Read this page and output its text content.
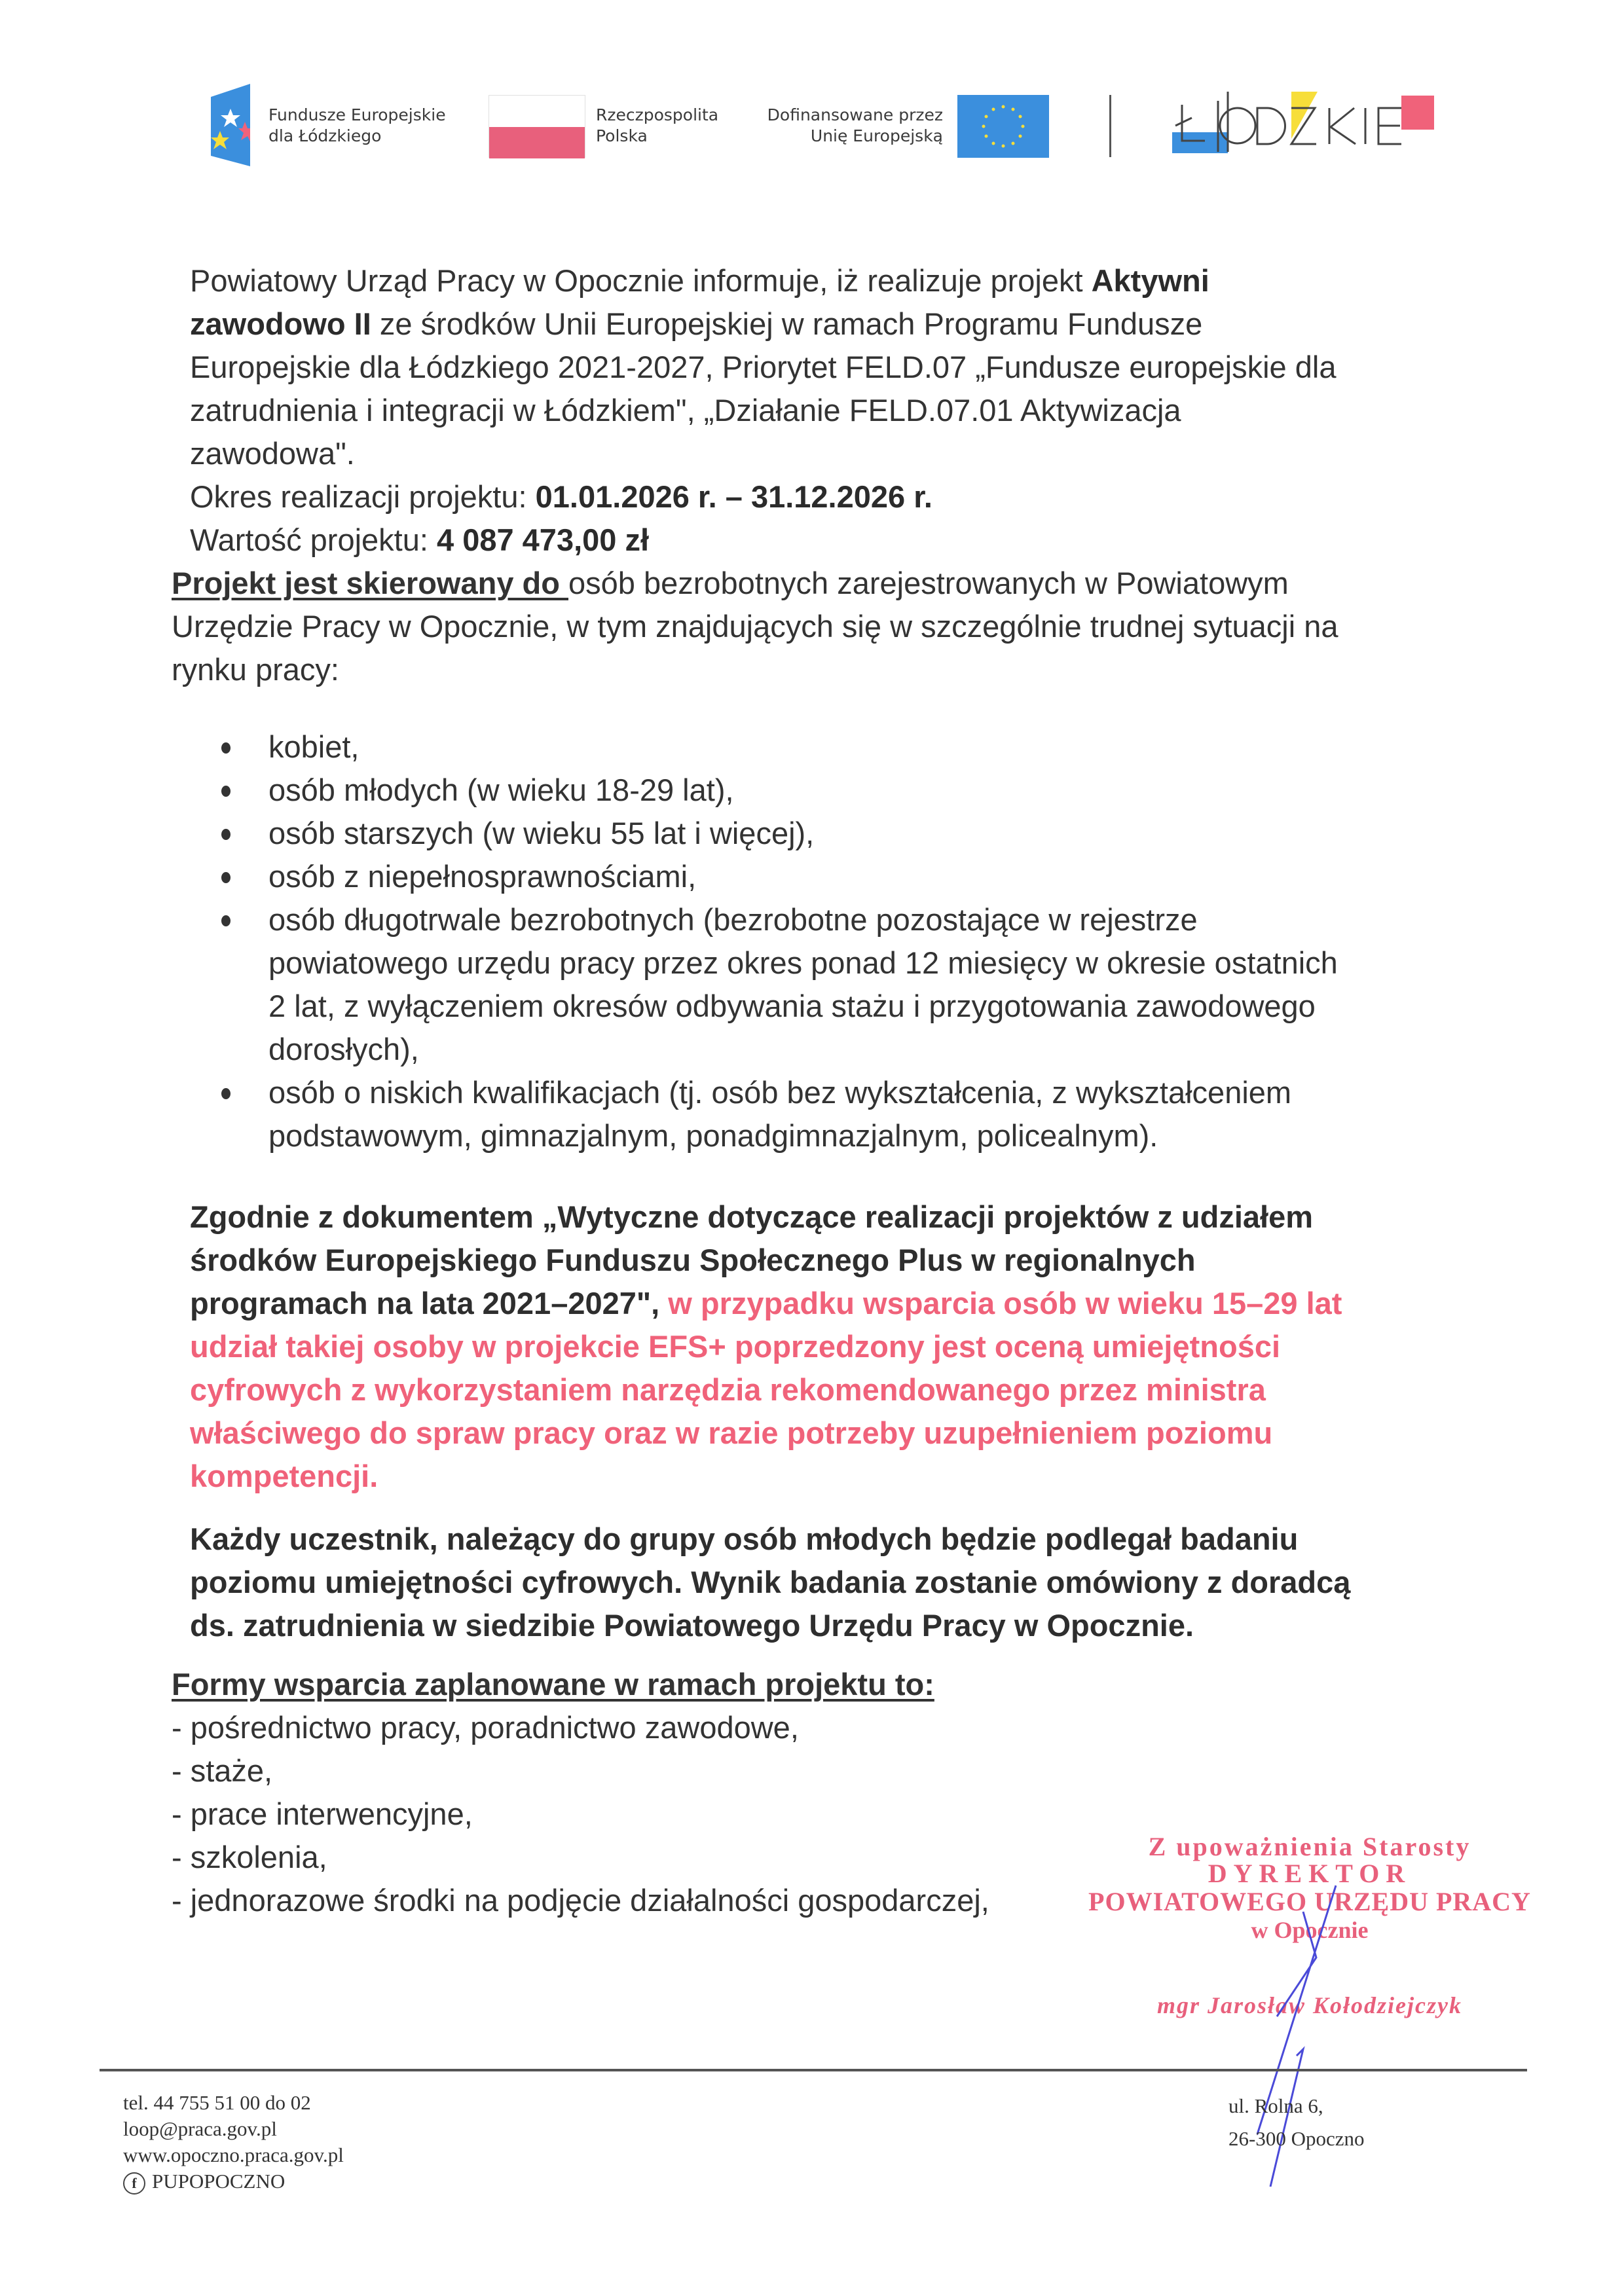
Fundusze Europejskie
dla Łódzkiego
Rzeczpospolita
Polska
Dofinansowane przez
Unię Europejską
Powiatowy Urząd Pracy w Opocznie informuje, iż realizuje projekt Aktywni
zawodowo II ze środków Unii Europejskiej w ramach Programu Fundusze
Europejskie dla Łódzkiego 2021-2027, Priorytet FELD.07 „Fundusze europejskie dla
zatrudnienia i integracji w Łódzkiem", „Działanie FELD.07.01 Aktywizacja
zawodowa".
Okres realizacji projektu: 01.01.2026 r. – 31.12.2026 r.
Wartość projektu: 4 087 473,00 zł
Projekt jest skierowany do osób bezrobotnych zarejestrowanych w Powiatowym
Urzędzie Pracy w Opocznie, w tym znajdujących się w szczególnie trudnej sytuacji na
rynku pracy:
kobiet,
osób młodych (w wieku 18-29 lat),
osób starszych (w wieku 55 lat i więcej),
osób z niepełnosprawnościami,
osób długotrwale bezrobotnych (bezrobotne pozostające w rejestrze
powiatowego urzędu pracy przez okres ponad 12 miesięcy w okresie ostatnich
2 lat, z wyłączeniem okresów odbywania stażu i przygotowania zawodowego
dorosłych),
osób o niskich kwalifikacjach (tj. osób bez wykształcenia, z wykształceniem
podstawowym, gimnazjalnym, ponadgimnazjalnym, policealnym).
Zgodnie z dokumentem „Wytyczne dotyczące realizacji projektów z udziałem
środków Europejskiego Funduszu Społecznego Plus w regionalnych
programach na lata 2021–2027", w przypadku wsparcia osób w wieku 15–29 lat
udział takiej osoby w projekcie EFS+ poprzedzony jest oceną umiejętności
cyfrowych z wykorzystaniem narzędzia rekomendowanego przez ministra
właściwego do spraw pracy oraz w razie potrzeby uzupełnieniem poziomu
kompetencji.
Każdy uczestnik, należący do grupy osób młodych będzie podlegał badaniu
poziomu umiejętności cyfrowych. Wynik badania zostanie omówiony z doradcą
ds. zatrudnienia w siedzibie Powiatowego Urzędu Pracy w Opocznie.
Formy wsparcia zaplanowane w ramach projektu to:
- pośrednictwo pracy, poradnictwo zawodowe,
- staże,
- prace interwencyjne,
- szkolenia,
- jednorazowe środki na podjęcie działalności gospodarczej,
Z upoważnienia Starosty
DYREKTOR
POWIATOWEGO URZĘDU PRACY
w Opocznie
mgr Jarosław Kołodziejczyk
tel. 44 755 51 00 do 02
loop@praca.gov.pl
www.opoczno.praca.gov.pl
f PUPOPOCZNO
ul. Rolna 6,
26-300 Opoczno
